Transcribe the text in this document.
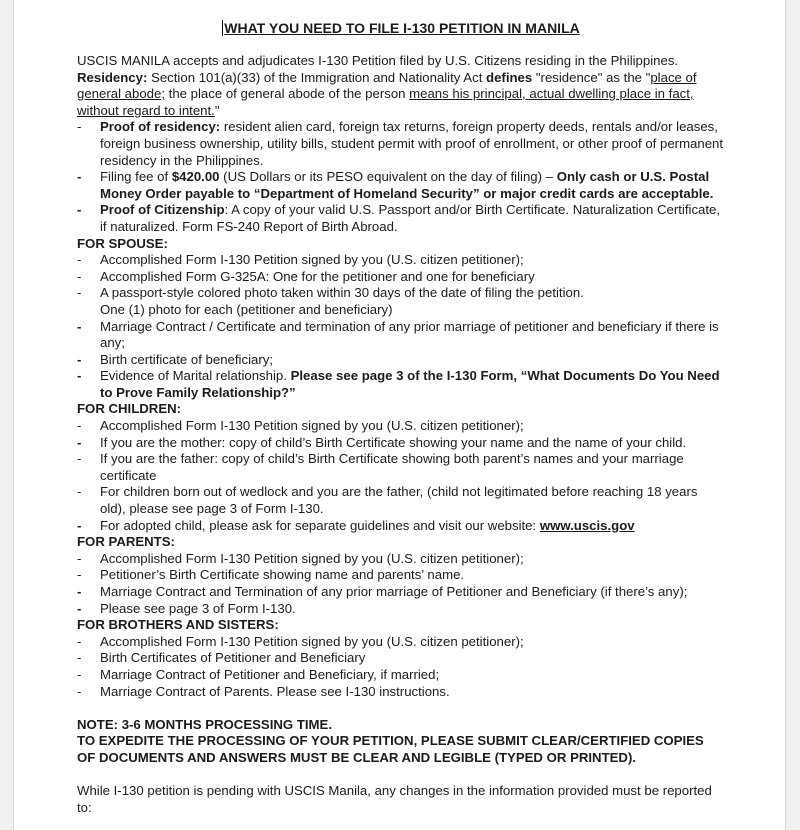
WHAT YOU NEED TO FILE I-130 PETITION IN MANILA

USCIS MANILA accepts and adjudicates I-130 Petition filed by U.S. Citizens residing in the Philippines.
Residency: Section 101(a)(33) of the Immigration and Nationality Act defines "residence" as the "place of general abode; the place of general abode of the person means his principal, actual dwelling place in fact, without regard to intent."

- Proof of residency: resident alien card, foreign tax returns, foreign property deeds, rentals and/or leases, foreign business ownership, utility bills, student permit with proof of enrollment, or other proof of permanent residency in the Philippines.
- Filing fee of $420.00 (US Dollars or its PESO equivalent on the day of filing) – Only cash or U.S. Postal Money Order payable to “Department of Homeland Security” or major credit cards are acceptable.
- Proof of Citizenship: A copy of your valid U.S. Passport and/or Birth Certificate. Naturalization Certificate, if naturalized. Form FS-240 Report of Birth Abroad.

FOR SPOUSE:

- Accomplished Form I-130 Petition signed by you (U.S. citizen petitioner);
- Accomplished Form G-325A: One for the petitioner and one for beneficiary
- A passport-style colored photo taken within 30 days of the date of filing the petition.
One (1) photo for each (petitioner and beneficiary)
- Marriage Contract / Certificate and termination of any prior marriage of petitioner and beneficiary if there is any;
- Birth certificate of beneficiary;
- Evidence of Marital relationship. Please see page 3 of the I-130 Form, “What Documents Do You Need to Prove Family Relationship?”

FOR CHILDREN:

- Accomplished Form I-130 Petition signed by you (U.S. citizen petitioner);
- If you are the mother: copy of child’s Birth Certificate showing your name and the name of your child.
- If you are the father: copy of child’s Birth Certificate showing both parent’s names and your marriage certificate
- For children born out of wedlock and you are the father, (child not legitimated before reaching 18 years old), please see page 3 of Form I-130.
- For adopted child, please ask for separate guidelines and visit our website: www.uscis.gov

FOR PARENTS:

- Accomplished Form I-130 Petition signed by you (U.S. citizen petitioner);
- Petitioner’s Birth Certificate showing name and parents’ name.
- Marriage Contract and Termination of any prior marriage of Petitioner and Beneficiary (if there’s any);
- Please see page 3 of Form I-130.

FOR BROTHERS AND SISTERS:

- Accomplished Form I-130 Petition signed by you (U.S. citizen petitioner);
- Birth Certificates of Petitioner and Beneficiary
- Marriage Contract of Petitioner and Beneficiary, if married;
- Marriage Contract of Parents. Please see I-130 instructions.

NOTE: 3-6 MONTHS PROCESSING TIME.

TO EXPEDITE THE PROCESSING OF YOUR PETITION, PLEASE SUBMIT CLEAR/CERTIFIED COPIES OF DOCUMENTS AND ANSWERS MUST BE CLEAR AND LEGIBLE (TYPED OR PRINTED).

While I-130 petition is pending with USCIS Manila, any changes in the information provided must be reported to:
